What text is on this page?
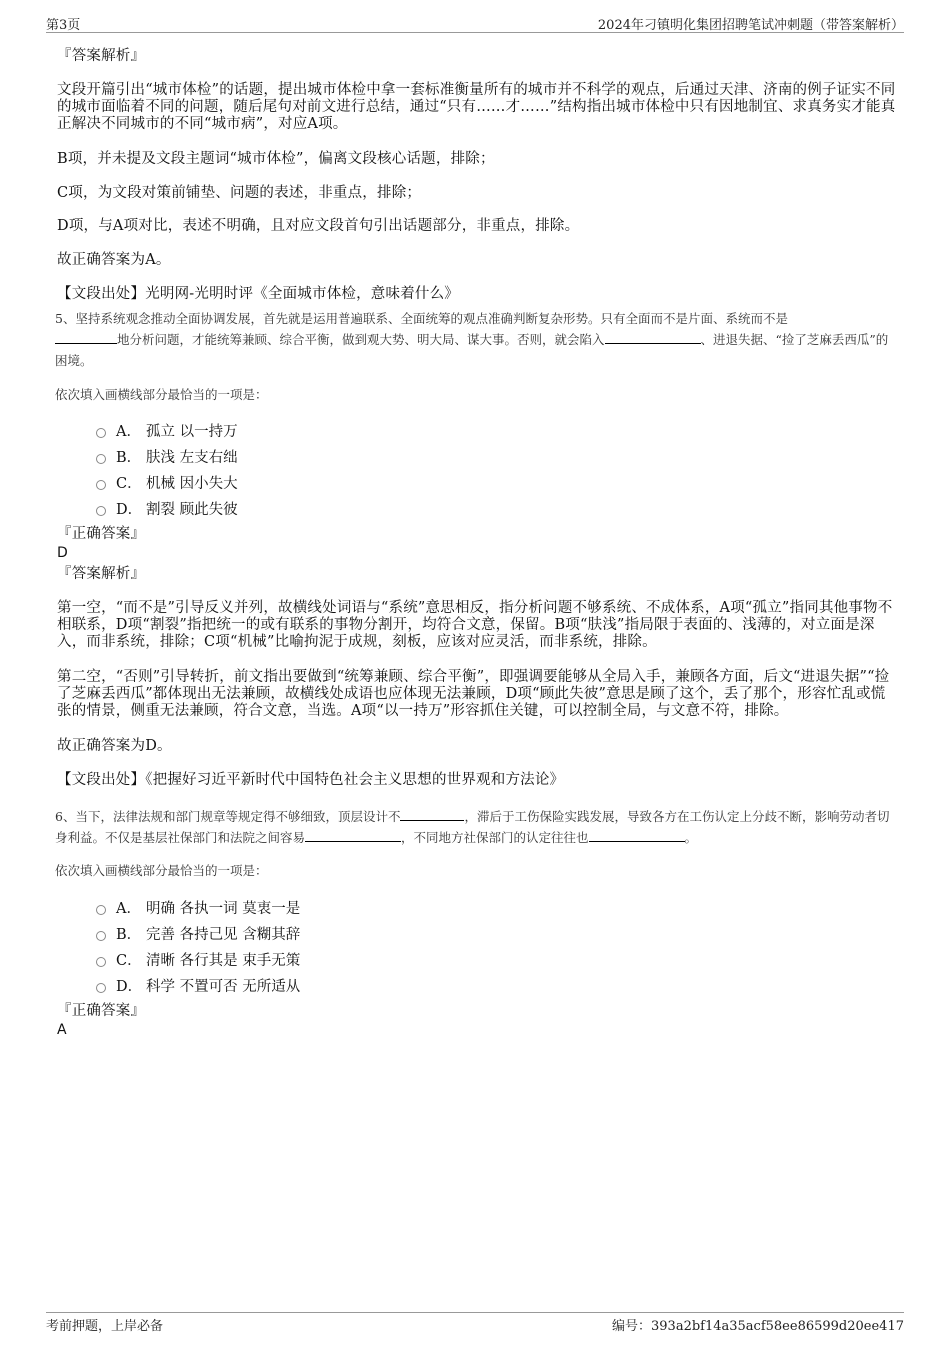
第3页	2024年刁镇明化集团招聘笔试冲刺题（带答案解析）
『答案解析』
文段开篇引出“城市体检”的话题，提出城市体检中拿一套标准衡量所有的城市并不科学的观点，后通过天津、济南的例子证实不同的城市面临着不同的问题，随后尾句对前文进行总结，通过“只有……才……”结构指出城市体检中只有因地制宜、求真务实才能真正解决不同城市的不同“城市病”，对应A项。
B项，并未提及文段主题词“城市体检”，偏离文段核心话题，排除；
C项，为文段对策前铺垫、问题的表述，非重点，排除；
D项，与A项对比，表述不明确，且对应文段首句引出话题部分，非重点，排除。
故正确答案为A。
【文段出处】光明网-光明时评《全面城市体检，意味着什么》
5、坚持系统观念推动全面协调发展，首先就是运用普遍联系、全面统筹的观点准确判断复杂形势。只有全面而不是片面、系统而不是
地分析问题，才能统筹兼顾、综合平衡，做到观大势、明大局、谋大事。否则，就会陷入	、进退失据、“捡了芝麻丢西瓜”的困境。
依次填入画横线部分最恰当的一项是：
A． 孤立 以一持万
B． 肤浅 左支右绌
C． 机械 因小失大
D． 割裂 顾此失彼
『正确答案』
D
『答案解析』
第一空，“而不是”引导反义并列，故横线处词语与“系统”意思相反，指分析问题不够系统、不成体系，A项“孤立”指同其他事物不相联系，D项“割裂”指把统一的或有联系的事物分割开，均符合文意，保留。B项“肤浅”指局限于表面的、浅薄的，对立面是深入，而非系统，排除；C项“机械”比喻拘泥于成规，刻板，应该对应灵活，而非系统，排除。
第二空，“否则”引导转折，前文指出要做到“统筹兼顾、综合平衡”，即强调要能够从全局入手，兼顾各方面，后文“进退失据”“捡了芝麻丢西瓜”都体现出无法兼顾，故横线处成语也应体现无法兼顾，D项“顾此失彼”意思是顾了这个，丢了那个，形容忙乱或慌张的情景，侧重无法兼顾，符合文意，当选。A项“以一持万”形容抓住关键，可以控制全局，与文意不符，排除。
故正确答案为D。
【文段出处】《把握好习近平新时代中国特色社会主义思想的世界观和方法论》
6、当下，法律法规和部门规章等规定得不够细致，顶层设计不	，滞后于工伤保险实践发展，导致各方在工伤认定上分歧不断，影响劳动者切身利益。不仅是基层社保部门和法院之间容易	，不同地方社保部门的认定往往也	。
依次填入画横线部分最恰当的一项是：
A． 明确 各执一词 莫衷一是
B． 完善 各持己见 含糊其辞
C． 清晰 各行其是 束手无策
D． 科学 不置可否 无所适从
『正确答案』
A
考前押题，上岸必备	编号：393a2bf14a35acf58ee86599d20ee417
